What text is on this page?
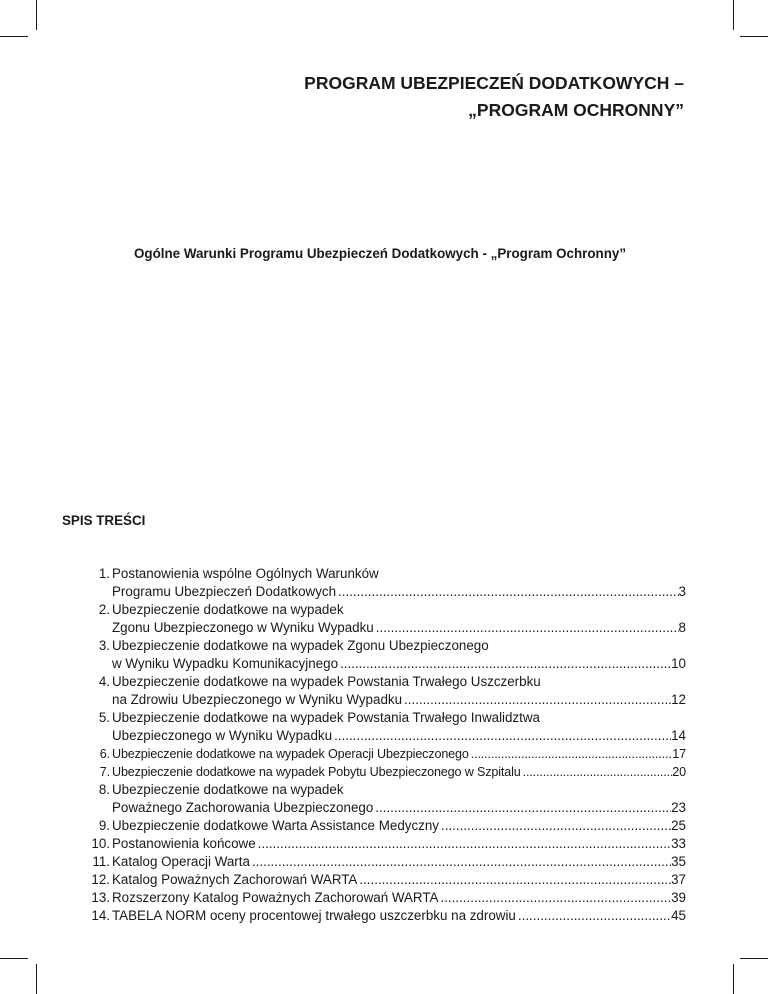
PROGRAM UBEZPIECZEŃ DODATKOWYCH –
„PROGRAM OCHRONNY”
Ogólne Warunki Programu Ubezpieczeń Dodatkowych - „Program Ochronny”
SPIS TREŚCI
1. Postanowienia wspólne Ogólnych Warunków
Programu Ubezpieczeń Dodatkowych .....	3
2. Ubezpieczenie dodatkowe na wypadek
Zgonu Ubezpieczonego w Wyniku Wypadku .....	8
3. Ubezpieczenie dodatkowe na wypadek Zgonu Ubezpieczonego
w Wyniku Wypadku Komunikacyjnego .....	10
4. Ubezpieczenie dodatkowe na wypadek Powstania Trwałego Uszczerbku
na Zdrowiu Ubezpieczonego w Wyniku Wypadku .....	12
5. Ubezpieczenie dodatkowe na wypadek Powstania Trwałego Inwalidztwa
Ubezpieczonego w Wyniku Wypadku .....	14
6. Ubezpieczenie dodatkowe na wypadek Operacji Ubezpieczonego .....	17
7. Ubezpieczenie dodatkowe na wypadek Pobytu Ubezpieczonego w Szpitalu .....	20
8. Ubezpieczenie dodatkowe na wypadek
Poważnego Zachorowania Ubezpieczonego .....	23
9. Ubezpieczenie dodatkowe Warta Assistance Medyczny .....	25
10. Postanowienia końcowe .....	33
11. Katalog Operacji Warta .....	35
12. Katalog Poważnych Zachorowań WARTA .....	37
13. Rozszerzony Katalog Poważnych Zachorowań WARTA .....	39
14. TABELA NORM oceny procentowej trwałego uszczerbku na zdrowiu .....	45
